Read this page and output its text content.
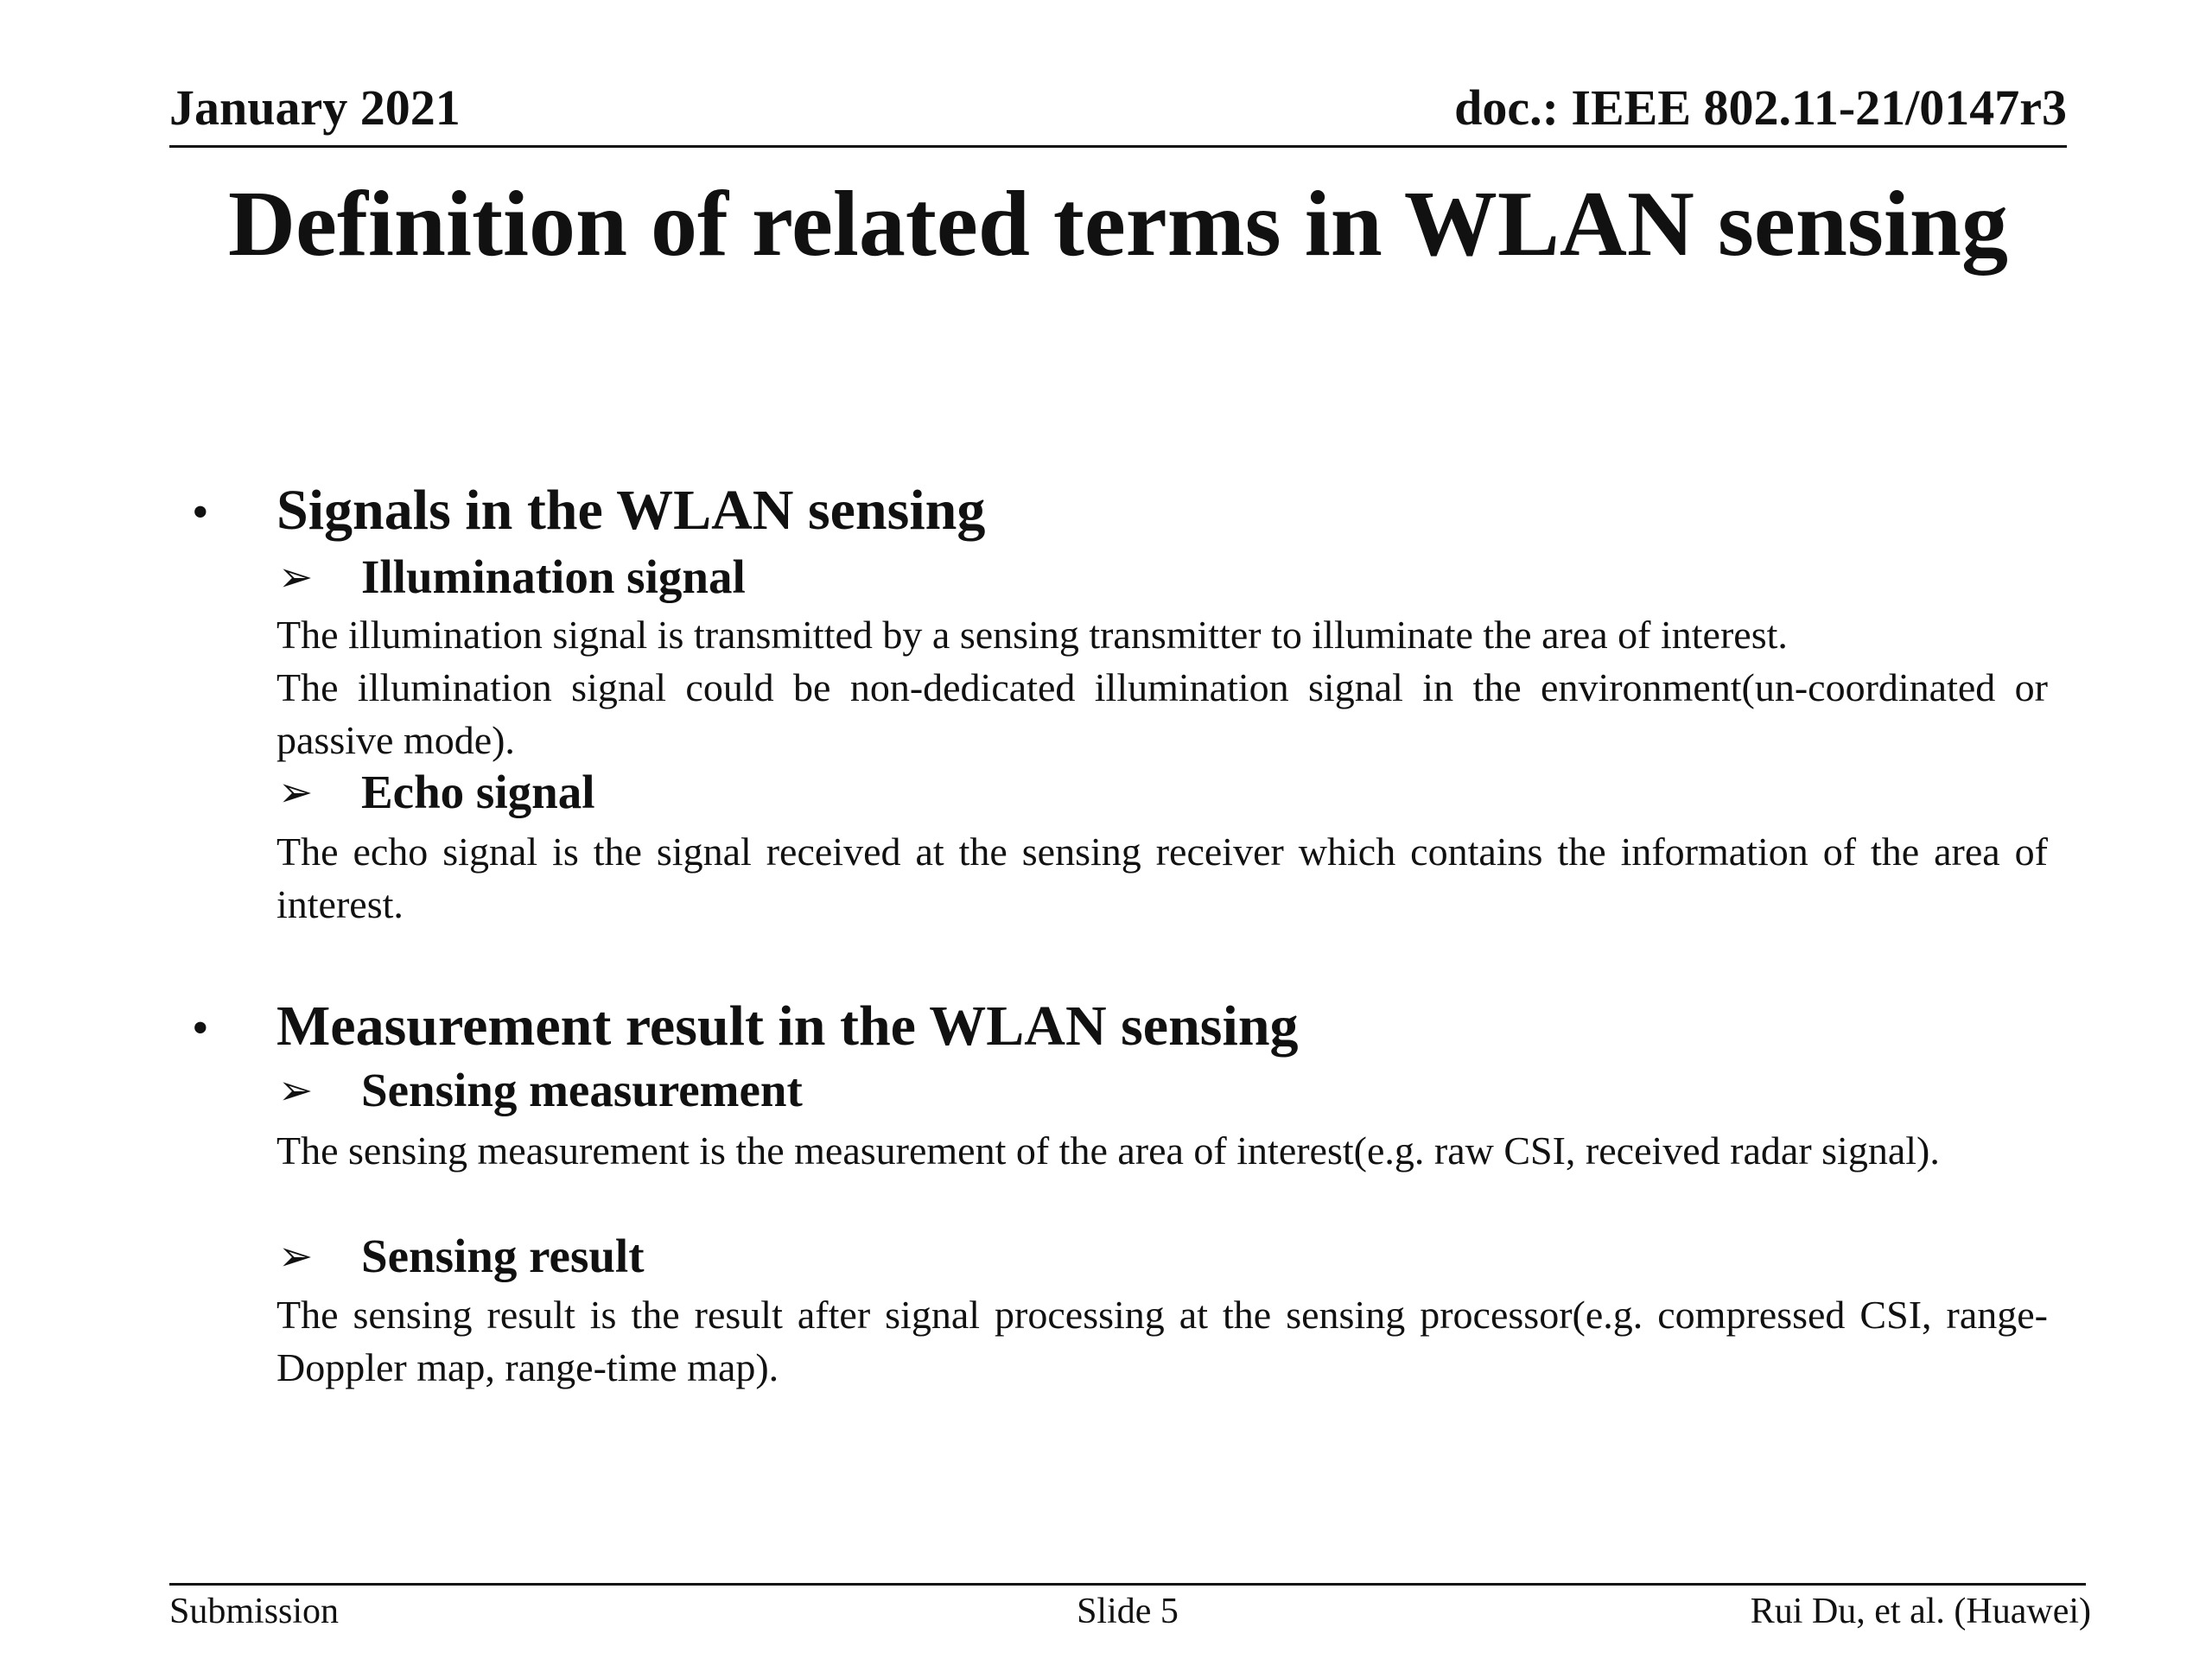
January 2021	doc.: IEEE 802.11-21/0147r3
Definition of related terms in WLAN sensing
• Signals in the WLAN sensing
➢ Illumination signal
The illumination signal is transmitted by a sensing transmitter to illuminate the area of interest.
The illumination signal could be non-dedicated illumination signal in the environment(un-coordinated or passive mode).
➢ Echo signal
The echo signal is the signal received at the sensing receiver which contains the information of the area of interest.
• Measurement result in the WLAN sensing
➢ Sensing measurement
The sensing measurement is the measurement of the area of interest(e.g. raw CSI, received radar signal).
➢ Sensing result
The sensing result is the result after signal processing at the sensing processor(e.g. compressed CSI, range-Doppler map, range-time map).
Submission	Slide 5	Rui Du, et al. (Huawei)
